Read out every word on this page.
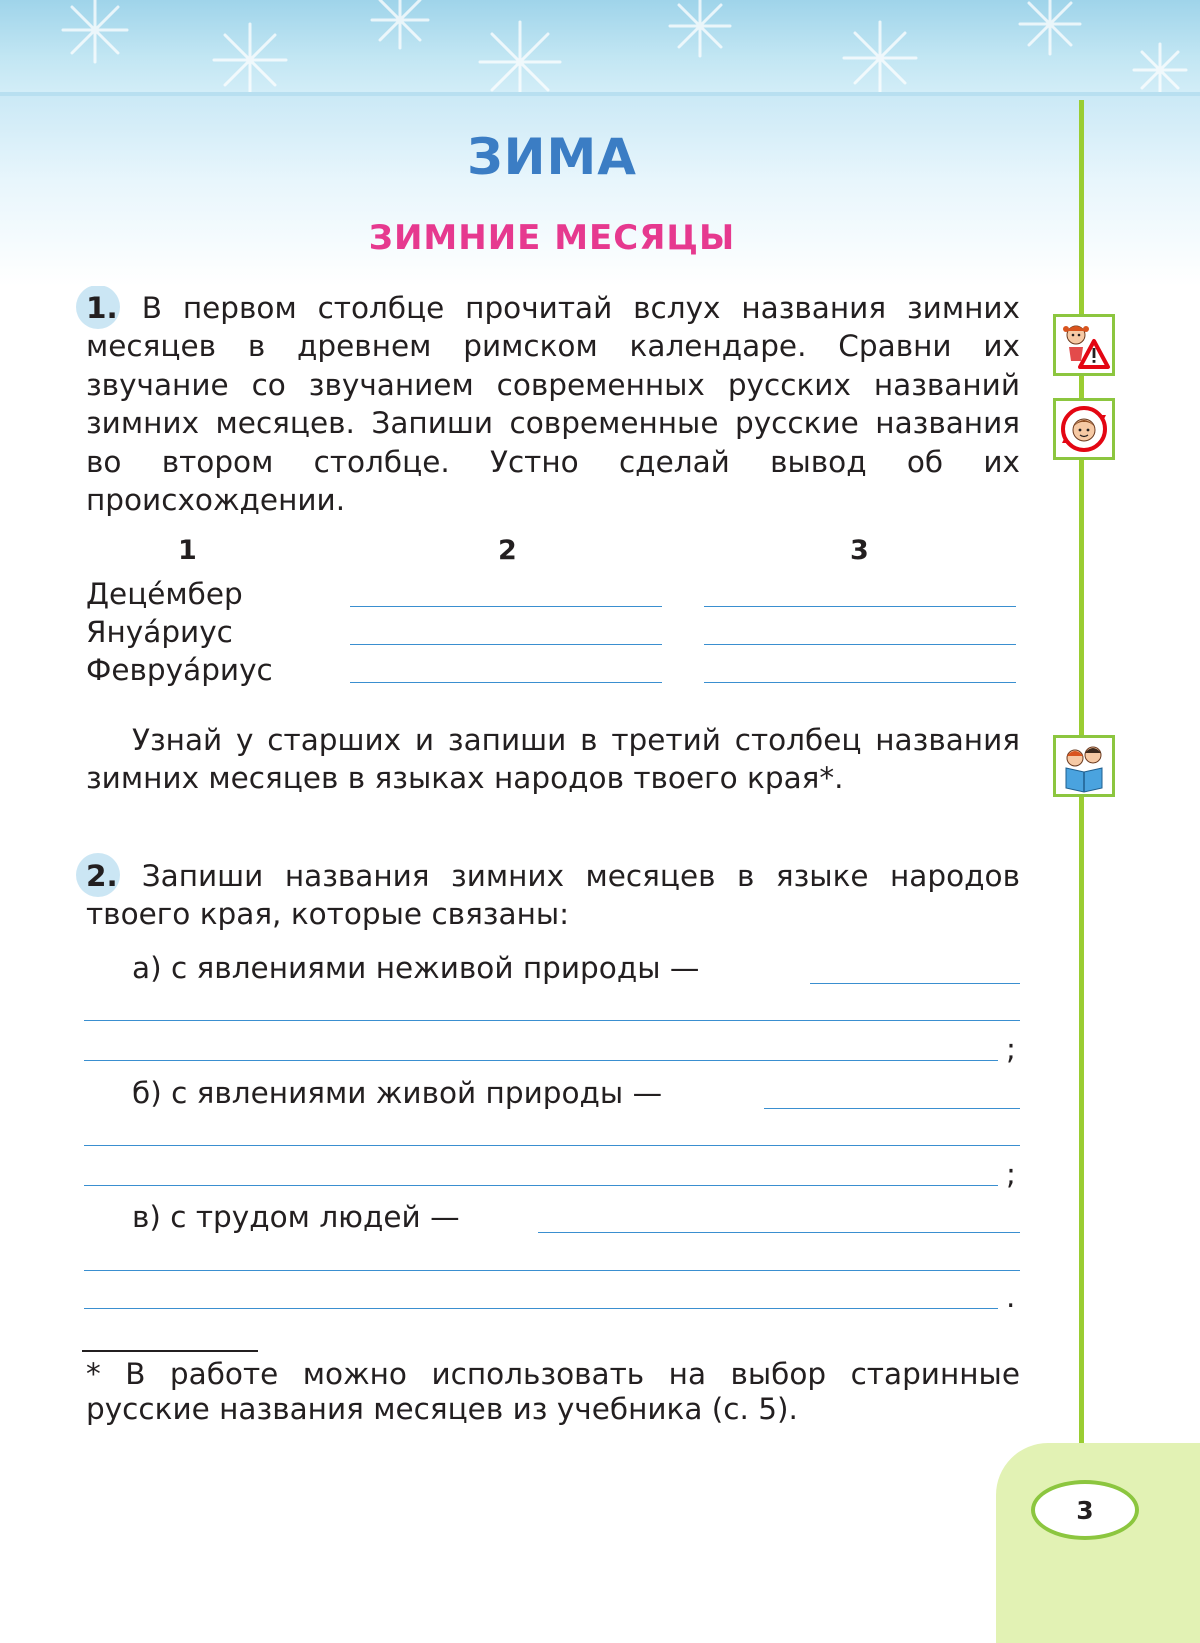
ЗИМА
ЗИМНИЕ МЕСЯЦЫ
1. В первом столбце прочитай вслух названия зимних месяцев в древнем римском календаре. Сравни их звучание со звучанием современных русских названий зимних месяцев. Запиши современные русские названия во втором столбце. Устно сделай вывод об их происхождении.
1	2	3
Децéмбер
Януáриус
Февруáриус
Узнай у старших и запиши в третий столбец названия зимних месяцев в языках народов твоего края*.
2. Запиши названия зимних месяцев в языке народов твоего края, которые связаны:
а) с явлениями неживой природы —
;
б) с явлениями живой природы —
;
в) с трудом людей —
.
* В работе можно использовать на выбор старинные русские названия месяцев из учебника (с. 5).
3
